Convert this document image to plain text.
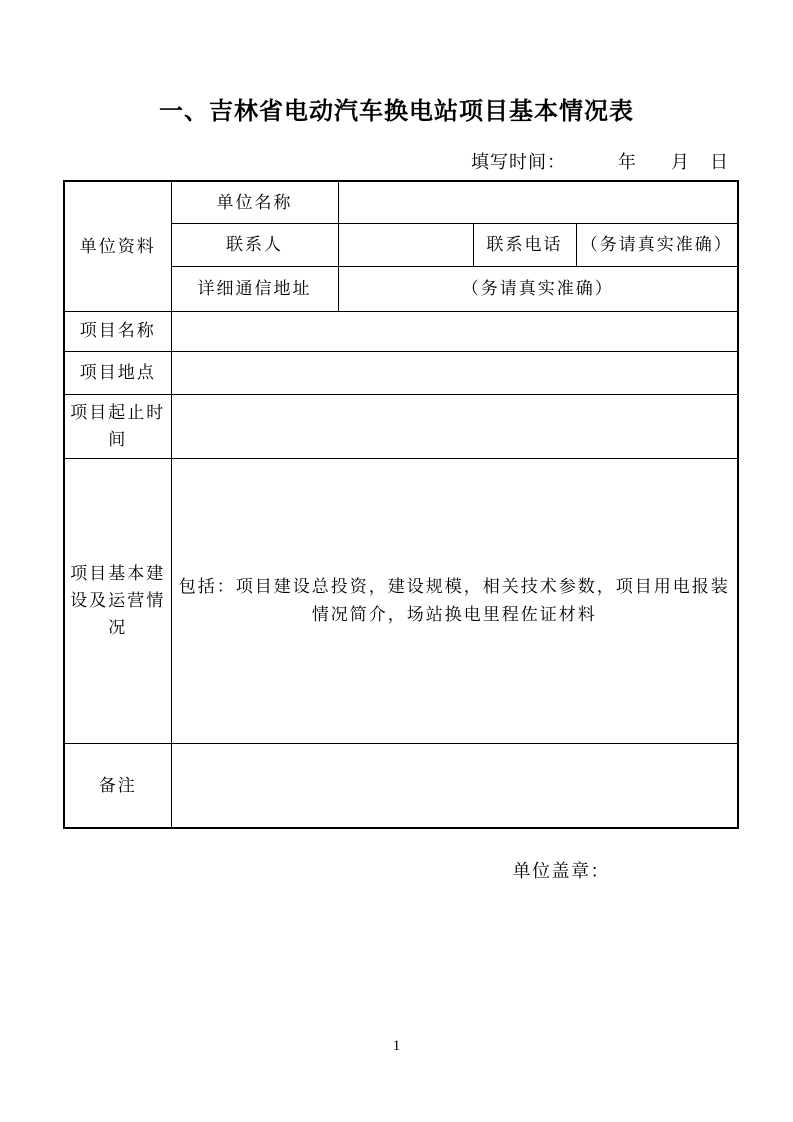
一、吉林省电动汽车换电站项目基本情况表
填写时间：	年 月 日
单位资料	单位名称			
	联系人		联系电话	（务请真实准确）
	详细通信地址	（务请真实准确）		
项目名称				
项目地点				
项目起止时间				
项目基本建设及运营情况	包括：项目建设总投资，建设规模，相关技术参数，项目用电报装情况简介，场站换电里程佐证材料			
备注				
单位盖章：
1
